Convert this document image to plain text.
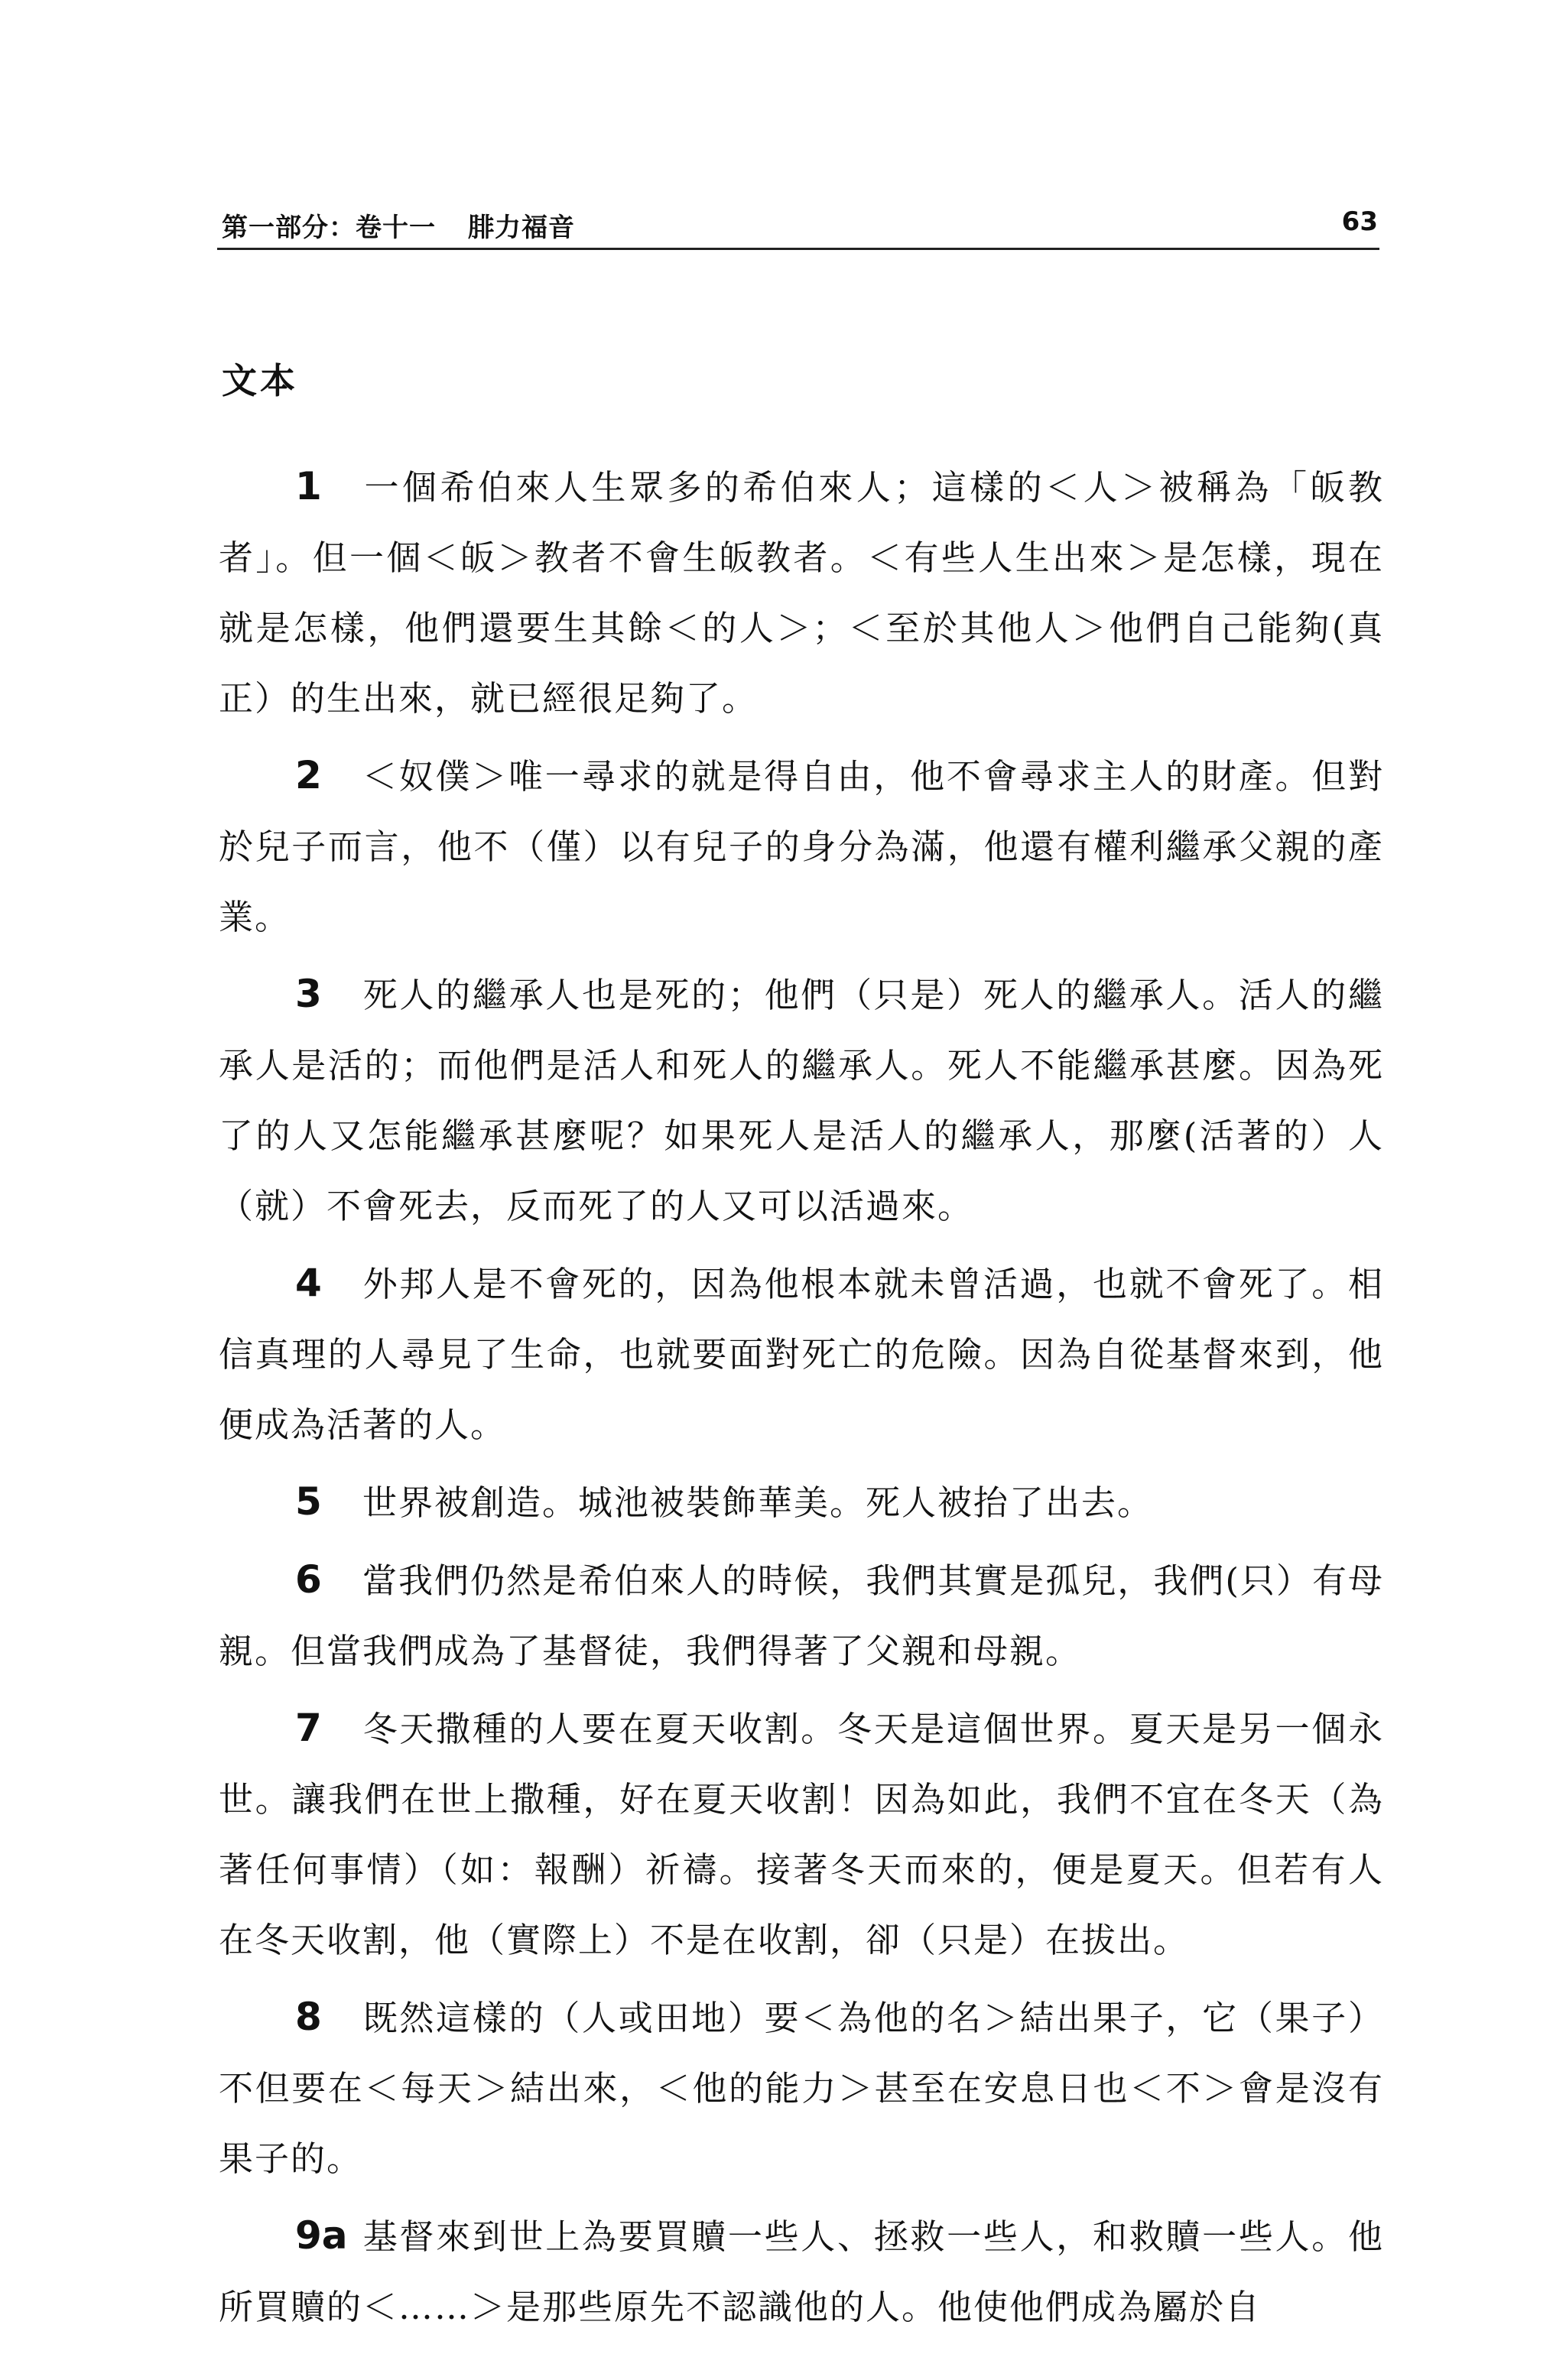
第一部分：卷十一 腓力福音	63
文本

1 一個希伯來人生眾多的希伯來人；這樣的＜人＞被稱為「皈教者」。但一個＜皈＞教者不會生皈教者。＜有些人生出來＞是怎樣，現在就是怎樣，他們還要生其餘＜的人＞；＜至於其他人＞他們自己能夠(真正）的生出來，就已經很足夠了。

2 ＜奴僕＞唯一尋求的就是得自由，他不會尋求主人的財產。但對於兒子而言，他不（僅）以有兒子的身分為滿，他還有權利繼承父親的產業。

3 死人的繼承人也是死的；他們（只是）死人的繼承人。活人的繼承人是活的；而他們是活人和死人的繼承人。死人不能繼承甚麼。因為死了的人又怎能繼承甚麼呢？如果死人是活人的繼承人，那麼(活著的）人（就）不會死去，反而死了的人又可以活過來。

4 外邦人是不會死的，因為他根本就未曾活過，也就不會死了。相信真理的人尋見了生命，也就要面對死亡的危險。因為自從基督來到，他便成為活著的人。

5 世界被創造。城池被裝飾華美。死人被抬了出去。

6 當我們仍然是希伯來人的時候，我們其實是孤兒，我們(只）有母親。但當我們成為了基督徒，我們得著了父親和母親。

7 冬天撒種的人要在夏天收割。冬天是這個世界。夏天是另一個永世。讓我們在世上撒種，好在夏天收割！因為如此，我們不宜在冬天（為著任何事情）（如：報酬）祈禱。接著冬天而來的，便是夏天。但若有人在冬天收割，他（實際上）不是在收割，卻（只是）在拔出。

8 既然這樣的（人或田地）要＜為他的名＞結出果子，它（果子）不但要在＜每天＞結出來，＜他的能力＞甚至在安息日也＜不＞會是沒有果子的。

9a 基督來到世上為要買贖一些人、拯救一些人，和救贖一些人。他所買贖的＜……＞是那些原先不認識他的人。他使他們成為屬於自
